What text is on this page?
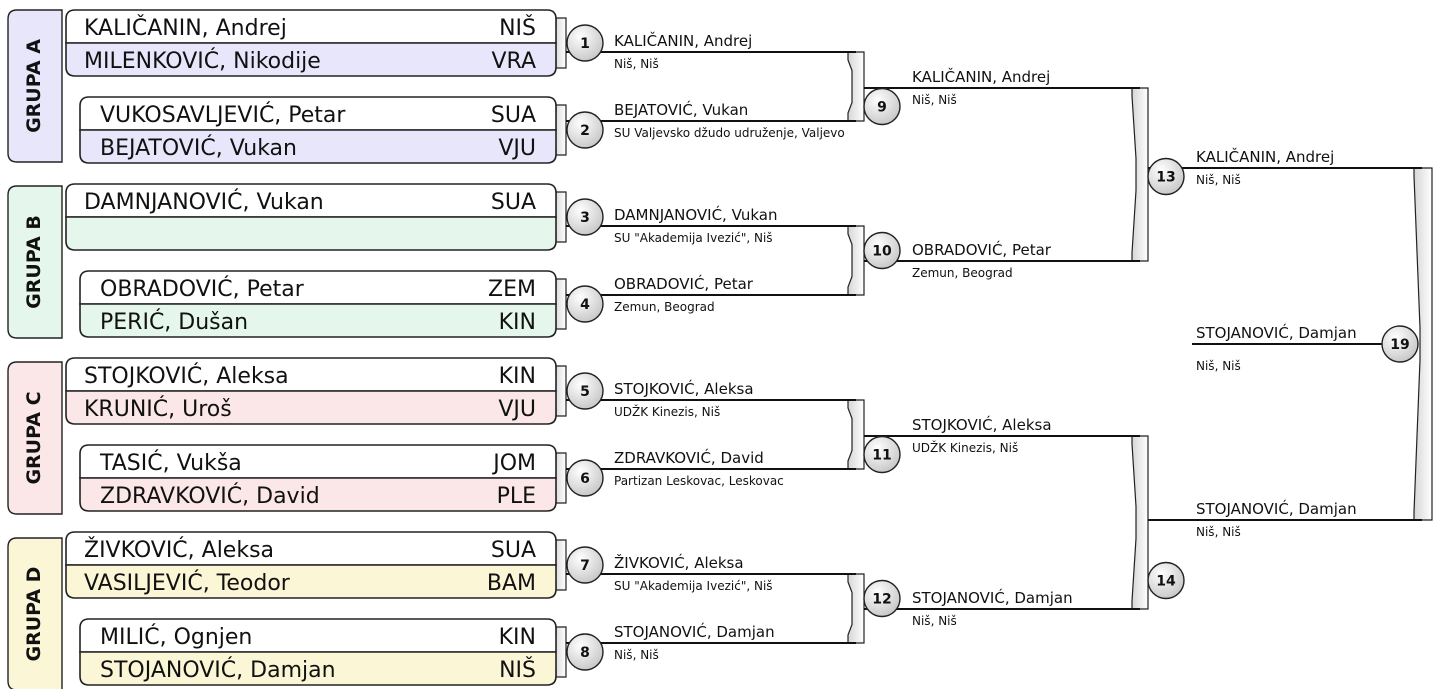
GRUPA A
GRUPA B
GRUPA C
GRUPA D
KALIČANIN, Andrej	NIŠ
MILENKOVIĆ, Nikodije	VRA
VUKOSAVLJEVIĆ, Petar	SUA
BEJATOVIĆ, Vukan	VJU
DAMNJANOVIĆ, Vukan	SUA
OBRADOVIĆ, Petar	ZEM
PERIĆ, Dušan	KIN
STOJKOVIĆ, Aleksa	KIN
KRUNIĆ, Uroš	VJU
TASIĆ, Vukša	JOM
ZDRAVKOVIĆ, David	PLE
ŽIVKOVIĆ, Aleksa	SUA
VASILJEVIĆ, Teodor	BAM
MILIĆ, Ognjen	KIN
STOJANOVIĆ, Damjan	NIŠ
KALIČANIN, Andrej
Niš, Niš
BEJATOVIĆ, Vukan
SU Valjevsko džudo udruženje, Valjevo
DAMNJANOVIĆ, Vukan
SU "Akademija Ivezić", Niš
OBRADOVIĆ, Petar
Zemun, Beograd
STOJKOVIĆ, Aleksa
UDŽK Kinezis, Niš
ZDRAVKOVIĆ, David
Partizan Leskovac, Leskovac
ŽIVKOVIĆ, Aleksa
SU "Akademija Ivezić", Niš
STOJANOVIĆ, Damjan
Niš, Niš
KALIČANIN, Andrej
Niš, Niš
OBRADOVIĆ, Petar
Zemun, Beograd
STOJKOVIĆ, Aleksa
UDŽK Kinezis, Niš
STOJANOVIĆ, Damjan
Niš, Niš
KALIČANIN, Andrej
Niš, Niš
STOJANOVIĆ, Damjan
Niš, Niš
STOJANOVIĆ, Damjan
Niš, Niš
1
2
3
4
5
6
7
8
9
10
11
12
13
14
19
